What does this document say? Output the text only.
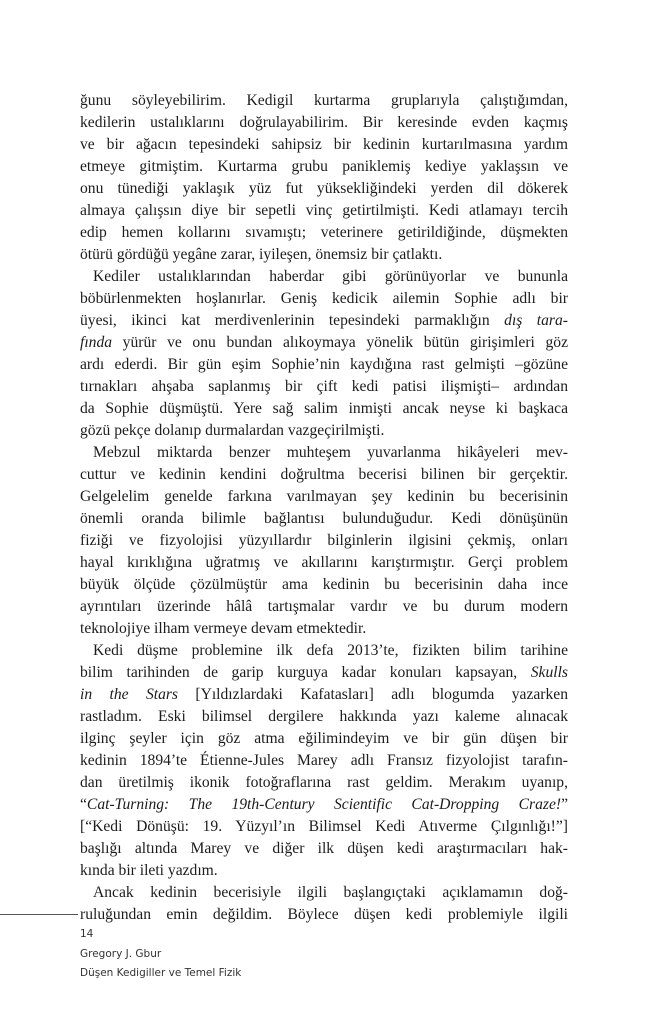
ğunu söyleyebilirim. Kedigil kurtarma gruplarıyla çalıştığımdan,
kedilerin ustalıklarını doğrulayabilirim. Bir keresinde evden kaçmış
ve bir ağacın tepesindeki sahipsiz bir kedinin kurtarılmasına yardım
etmeye gitmiştim. Kurtarma grubu paniklemiş kediye yaklaşsın ve
onu tünediği yaklaşık yüz fut yüksekliğindeki yerden dil dökerek
almaya çalışsın diye bir sepetli vinç getirtilmişti. Kedi atlamayı tercih
edip hemen kollarını sıvamıştı; veterinere getirildiğinde, düşmekten
ötürü gördüğü yegâne zarar, iyileşen, önemsiz bir çatlaktı.
Kediler ustalıklarından haberdar gibi görünüyorlar ve bununla
böbürlenmekten hoşlanırlar. Geniş kedicik ailemin Sophie adlı bir
üyesi, ikinci kat merdivenlerinin tepesindeki parmaklığın dış tara-
fında yürür ve onu bundan alıkoymaya yönelik bütün girişimleri göz
ardı ederdi. Bir gün eşim Sophie’nin kaydığına rast gelmişti –gözüne
tırnakları ahşaba saplanmış bir çift kedi patisi ilişmişti– ardından
da Sophie düşmüştü. Yere sağ salim inmişti ancak neyse ki başkaca
gözü pekçe dolanıp durmalardan vazgeçirilmişti.
Mebzul miktarda benzer muhteşem yuvarlanma hikâyeleri mev-
cuttur ve kedinin kendini doğrultma becerisi bilinen bir gerçektir.
Gelgelelim genelde farkına varılmayan şey kedinin bu becerisinin
önemli oranda bilimle bağlantısı bulunduğudur. Kedi dönüşünün
fiziği ve fizyolojisi yüzyıllardır bilginlerin ilgisini çekmiş, onları
hayal kırıklığına uğratmış ve akıllarını karıştırmıştır. Gerçi problem
büyük ölçüde çözülmüştür ama kedinin bu becerisinin daha ince
ayrıntıları üzerinde hâlâ tartışmalar vardır ve bu durum modern
teknolojiye ilham vermeye devam etmektedir.
Kedi düşme problemine ilk defa 2013’te, fizikten bilim tarihine
bilim tarihinden de garip kurguya kadar konuları kapsayan, Skulls
in the Stars [Yıldızlardaki Kafatasları] adlı blogumda yazarken
rastladım. Eski bilimsel dergilere hakkında yazı kaleme alınacak
ilginç şeyler için göz atma eğilimindeyim ve bir gün düşen bir
kedinin 1894’te Étienne-Jules Marey adlı Fransız fizyolojist tarafın-
dan üretilmiş ikonik fotoğraflarına rast geldim. Merakım uyanıp,
“Cat-Turning: The 19th-Century Scientific Cat-Dropping Craze!”
[“Kedi Dönüşü: 19. Yüzyıl’ın Bilimsel Kedi Atıverme Çılgınlığı!”]
başlığı altında Marey ve diğer ilk düşen kedi araştırmacıları hak-
kında bir ileti yazdım.
Ancak kedinin becerisiyle ilgili başlangıçtaki açıklamamın doğ-
ruluğundan emin değildim. Böylece düşen kedi problemiyle ilgili
14
Gregory J. Gbur
Düşen Kedigiller ve Temel Fizik
